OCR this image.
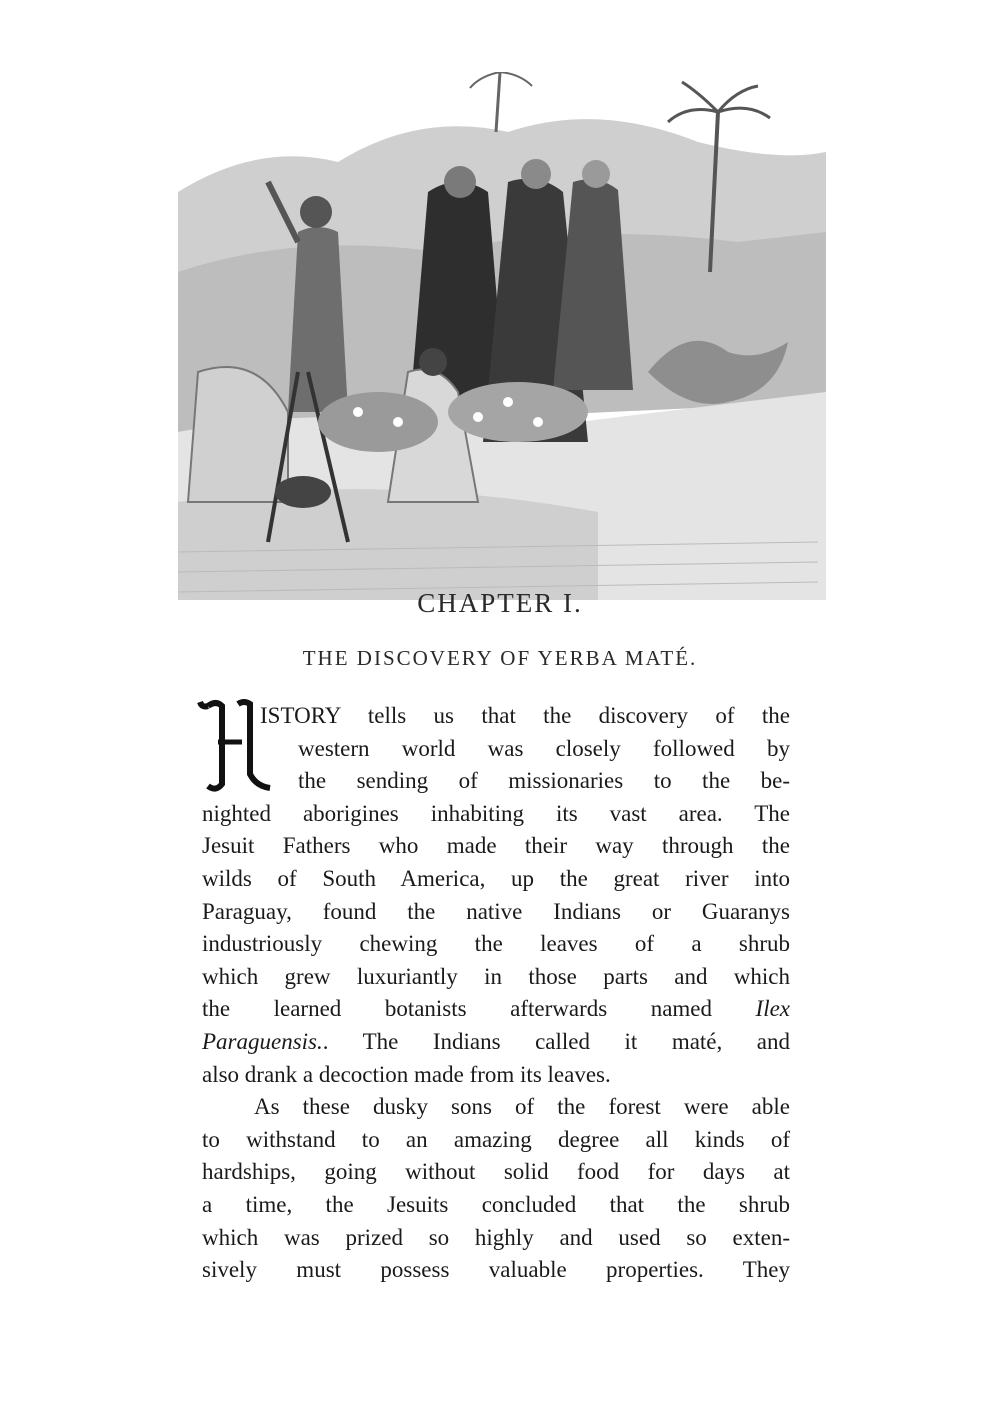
CHAPTER I.
THE DISCOVERY OF YERBA MATÉ.
ISTORY tells us that the discovery of the
western world was closely followed by
the sending of missionaries to the be-
nighted aborigines inhabiting its vast area. The
Jesuit Fathers who made their way through the
wilds of South America, up the great river into
Paraguay, found the native Indians or Guaranys
industriously chewing the leaves of a shrub
which grew luxuriantly in those parts and which
the learned botanists afterwards named Ilex
Paraguensis.. The Indians called it maté, and
also drank a decoction made from its leaves.
As these dusky sons of the forest were able
to withstand to an amazing degree all kinds of
hardships, going without solid food for days at
a time, the Jesuits concluded that the shrub
which was prized so highly and used so exten-
sively must possess valuable properties. They
